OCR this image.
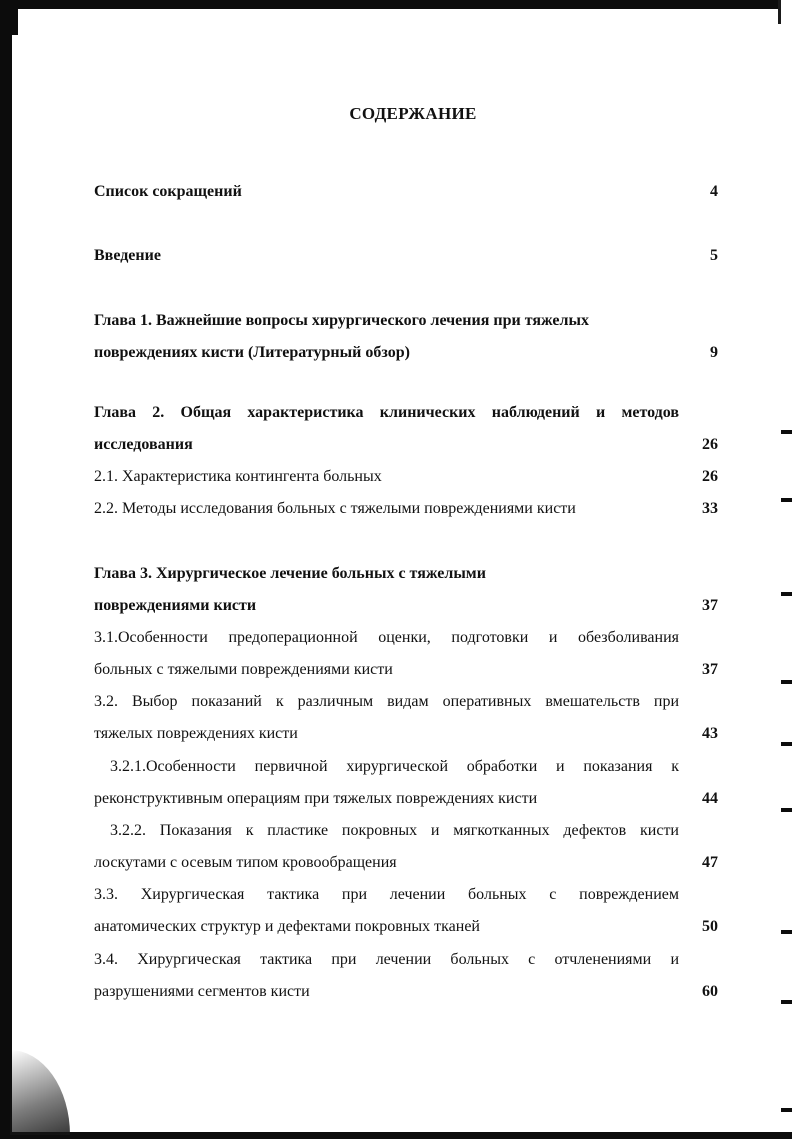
СОДЕРЖАНИЕ
Список сокращений	4
Введение	5
Глава 1. Важнейшие вопросы хирургического лечения при тяжелых
повреждениях кисти (Литературный обзор)	9
Глава 2. Общая характеристика клинических наблюдений и методов
исследования	26
2.1. Характеристика контингента больных	26
2.2. Методы исследования больных с тяжелыми повреждениями кисти	33
Глава 3. Хирургическое лечение больных с тяжелыми
повреждениями кисти	37
3.1.Особенности предоперационной оценки, подготовки и обезболивания
больных с тяжелыми повреждениями кисти	37
3.2. Выбор показаний к различным видам оперативных вмешательств при
тяжелых повреждениях кисти	43
3.2.1.Особенности первичной хирургической обработки и показания к
реконструктивным операциям при тяжелых повреждениях кисти	44
3.2.2. Показания к пластике покровных и мягкотканных дефектов кисти
лоскутами с осевым типом кровообращения	47
3.3. Хирургическая тактика при лечении больных с повреждением
анатомических структур и дефектами покровных тканей	50
3.4. Хирургическая тактика при лечении больных с отчленениями и
разрушениями сегментов кисти	60
